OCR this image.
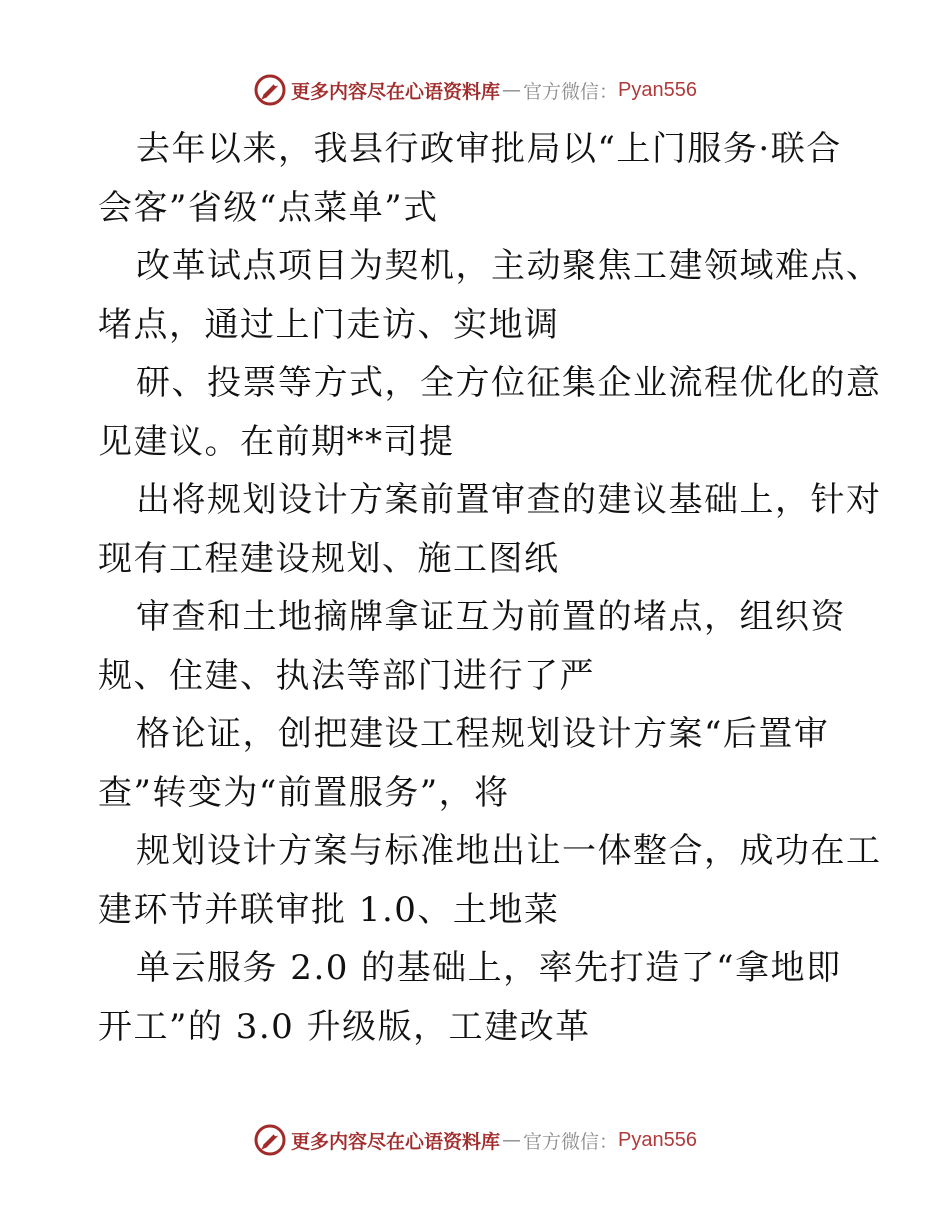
更多内容尽在心语资料库 — 官方微信： Pyan556

去年以来，我县行政审批局以“上门服务·联合
会客”省级“点菜单”式

改革试点项目为契机，主动聚焦工建领域难点、
堵点，通过上门走访、实地调

研、投票等方式，全方位征集企业流程优化的意
见建议。在前期**司提

出将规划设计方案前置审查的建议基础上，针对
现有工程建设规划、施工图纸

审查和土地摘牌拿证互为前置的堵点，组织资
规、住建、执法等部门进行了严

格论证，创把建设工程规划设计方案“后置审
查”转变为“前置服务”，将

规划设计方案与标准地出让一体整合，成功在工
建环节并联审批 1.0、土地菜

单云服务 2.0 的基础上，率先打造了“拿地即
开工”的 3.0 升级版，工建改革

更多内容尽在心语资料库 — 官方微信： Pyan556
